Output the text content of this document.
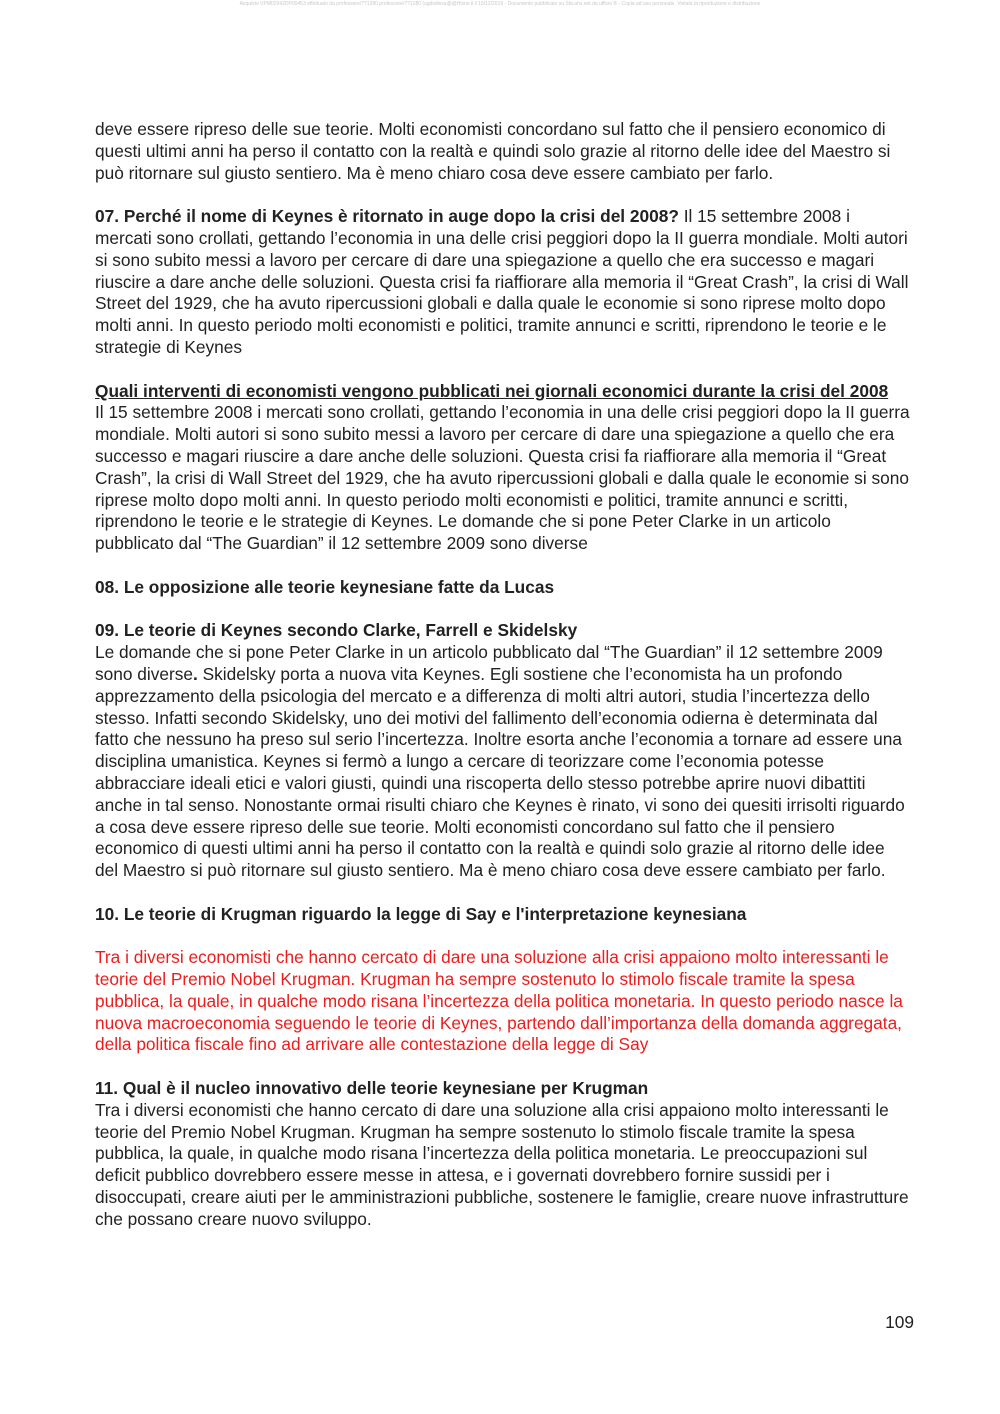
Acquisto VPM02942DP00453 effettuato da professore/??1280 professore/??1280 (ugdsdwsa@@Hlsno il il 15/12/2019 - Documento pubblicato su Sfa.ahs.net da ufficio ® - Copia ad uso personale. Vietata la riproduzione e distribuzione

deve essere ripreso delle sue teorie. Molti economisti concordano sul fatto che il pensiero economico di questi ultimi anni ha perso il contatto con la realtà e quindi solo grazie al ritorno delle idee del Maestro si può ritornare sul giusto sentiero. Ma è meno chiaro cosa deve essere cambiato per farlo.

07. Perché il nome di Keynes è ritornato in auge dopo la crisi del 2008? Il 15 settembre 2008 i mercati sono crollati, gettando l’economia in una delle crisi peggiori dopo la II guerra mondiale. Molti autori si sono subito messi a lavoro per cercare di dare una spiegazione a quello che era successo e magari riuscire a dare anche delle soluzioni. Questa crisi fa riaffiorare alla memoria il “Great Crash”, la crisi di Wall Street del 1929, che ha avuto ripercussioni globali e dalla quale le economie si sono riprese molto dopo molti anni. In questo periodo molti economisti e politici, tramite annunci e scritti, riprendono le teorie e le strategie di Keynes

Quali interventi di economisti vengono pubblicati nei giornali economici durante la crisi del 2008

Il 15 settembre 2008 i mercati sono crollati, gettando l’economia in una delle crisi peggiori dopo la II guerra mondiale. Molti autori si sono subito messi a lavoro per cercare di dare una spiegazione a quello che era successo e magari riuscire a dare anche delle soluzioni. Questa crisi fa riaffiorare alla memoria il “Great Crash”, la crisi di Wall Street del 1929, che ha avuto ripercussioni globali e dalla quale le economie si sono riprese molto dopo molti anni. In questo periodo molti economisti e politici, tramite annunci e scritti, riprendono le teorie e le strategie di Keynes. Le domande che si pone Peter Clarke in un articolo pubblicato dal “The Guardian” il 12 settembre 2009 sono diverse

08. Le opposizione alle teorie keynesiane fatte da Lucas

09. Le teorie di Keynes secondo Clarke, Farrell e Skidelsky

Le domande che si pone Peter Clarke in un articolo pubblicato dal “The Guardian” il 12 settembre 2009 sono diverse. Skidelsky porta a nuova vita Keynes. Egli sostiene che l’economista ha un profondo apprezzamento della psicologia del mercato e a differenza di molti altri autori, studia l’incertezza dello stesso. Infatti secondo Skidelsky, uno dei motivi del fallimento dell’economia odierna è determinata dal fatto che nessuno ha preso sul serio l’incertezza. Inoltre esorta anche l’economia a tornare ad essere una disciplina umanistica. Keynes si fermò a lungo a cercare di teorizzare come l’economia potesse abbracciare ideali etici e valori giusti, quindi una riscoperta dello stesso potrebbe aprire nuovi dibattiti anche in tal senso. Nonostante ormai risulti chiaro che Keynes è rinato, vi sono dei quesiti irrisolti riguardo a cosa deve essere ripreso delle sue teorie. Molti economisti concordano sul fatto che il pensiero economico di questi ultimi anni ha perso il contatto con la realtà e quindi solo grazie al ritorno delle idee del Maestro si può ritornare sul giusto sentiero. Ma è meno chiaro cosa deve essere cambiato per farlo.

10. Le teorie di Krugman riguardo la legge di Say e l'interpretazione keynesiana

Tra i diversi economisti che hanno cercato di dare una soluzione alla crisi appaiono molto interessanti le teorie del Premio Nobel Krugman. Krugman ha sempre sostenuto lo stimolo fiscale tramite la spesa pubblica, la quale, in qualche modo risana l’incertezza della politica monetaria. In questo periodo nasce la nuova macroeconomia seguendo le teorie di Keynes, partendo dall’importanza della domanda aggregata, della politica fiscale fino ad arrivare alle contestazione della legge di Say

11. Qual è il nucleo innovativo delle teorie keynesiane per Krugman

Tra i diversi economisti che hanno cercato di dare una soluzione alla crisi appaiono molto interessanti le teorie del Premio Nobel Krugman. Krugman ha sempre sostenuto lo stimolo fiscale tramite la spesa pubblica, la quale, in qualche modo risana l’incertezza della politica monetaria. Le preoccupazioni sul deficit pubblico dovrebbero essere messe in attesa, e i governati dovrebbero fornire sussidi per i disoccupati, creare aiuti per le amministrazioni pubbliche, sostenere le famiglie, creare nuove infrastrutture che possano creare nuovo sviluppo.

109
